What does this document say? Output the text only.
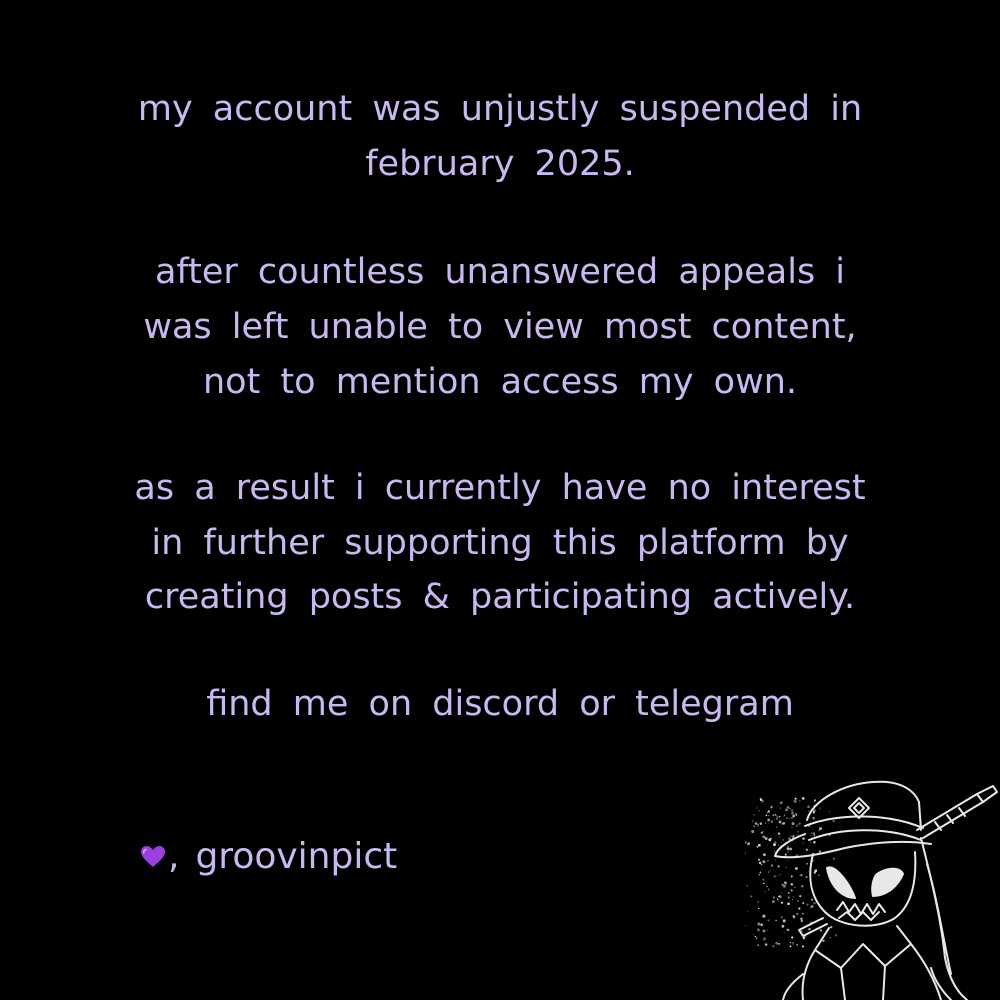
my account was unjustly suspended in
february 2025.
after countless unanswered appeals i
was left unable to view most content,
not to mention access my own.
as a result i currently have no interest
in further supporting this platform by
creating posts & participating actively.
find me on discord or telegram
, groovinpict
